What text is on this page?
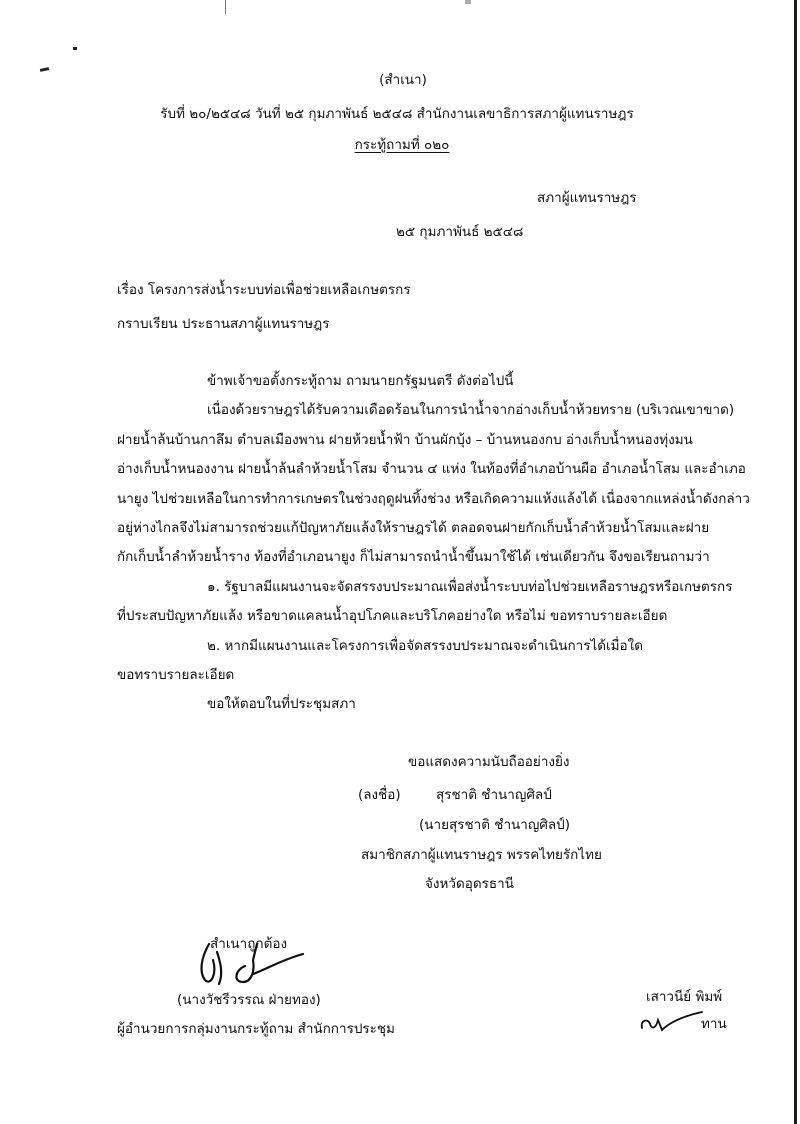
(สำเนา)
รับที่ ๒๐/๒๕๔๘ วันที่ ๒๕ กุมภาพันธ์ ๒๕๔๘ สำนักงานเลขาธิการสภาผู้แทนราษฎร
กระทู้ถามที่ ๐๒๐
สภาผู้แทนราษฎร
๒๕ กุมภาพันธ์ ๒๕๔๘
เรื่อง โครงการส่งน้ำระบบท่อเพื่อช่วยเหลือเกษตรกร
กราบเรียน ประธานสภาผู้แทนราษฎร
ข้าพเจ้าขอตั้งกระทู้ถาม ถามนายกรัฐมนตรี ดังต่อไปนี้
เนื่องด้วยราษฎรได้รับความเดือดร้อนในการนำน้ำจากอ่างเก็บน้ำห้วยทราย (บริเวณเขาขาด)
ฝายน้ำล้นบ้านกาลึม ตำบลเมืองพาน ฝายห้วยน้ำฟ้า บ้านผักบุ้ง – บ้านหนองกบ อ่างเก็บน้ำหนองทุ่งมน
อ่างเก็บน้ำหนองงาน ฝายน้ำล้นลำห้วยน้ำโสม จำนวน ๔ แห่ง ในท้องที่อำเภอบ้านผือ อำเภอน้ำโสม และอำเภอ
นายูง ไปช่วยเหลือในการทำการเกษตรในช่วงฤดูฝนทิ้งช่วง หรือเกิดความแห้งแล้งได้ เนื่องจากแหล่งน้ำดังกล่าว
อยู่ห่างไกลจึงไม่สามารถช่วยแก้ปัญหาภัยแล้งให้ราษฎรได้ ตลอดจนฝายกักเก็บน้ำลำห้วยน้ำโสมและฝาย
กักเก็บน้ำลำห้วยน้ำราง ท้องที่อำเภอนายูง ก็ไม่สามารถนำน้ำขึ้นมาใช้ได้ เช่นเดียวกัน จึงขอเรียนถามว่า
๑. รัฐบาลมีแผนงานจะจัดสรรงบประมาณเพื่อส่งน้ำระบบท่อไปช่วยเหลือราษฎรหรือเกษตรกร
ที่ประสบปัญหาภัยแล้ง หรือขาดแคลนน้ำอุปโภคและบริโภคอย่างใด หรือไม่ ขอทราบรายละเอียด
๒. หากมีแผนงานและโครงการเพื่อจัดสรรงบประมาณจะดำเนินการได้เมื่อใด
ขอทราบรายละเอียด
ขอให้ตอบในที่ประชุมสภา
ขอแสดงความนับถืออย่างยิ่ง
(ลงชื่อ)	สุรชาติ ชำนาญศิลป์
(นายสุรชาติ ชำนาญศิลป์)
สมาชิกสภาผู้แทนราษฎร พรรคไทยรักไทย
จังหวัดอุดรธานี
สำเนาถูกต้อง
(นางวัชรีวรรณ ฝ่ายทอง)
ผู้อำนวยการกลุ่มงานกระทู้ถาม สำนักการประชุม
เสาวนีย์ พิมพ์
ทาน
